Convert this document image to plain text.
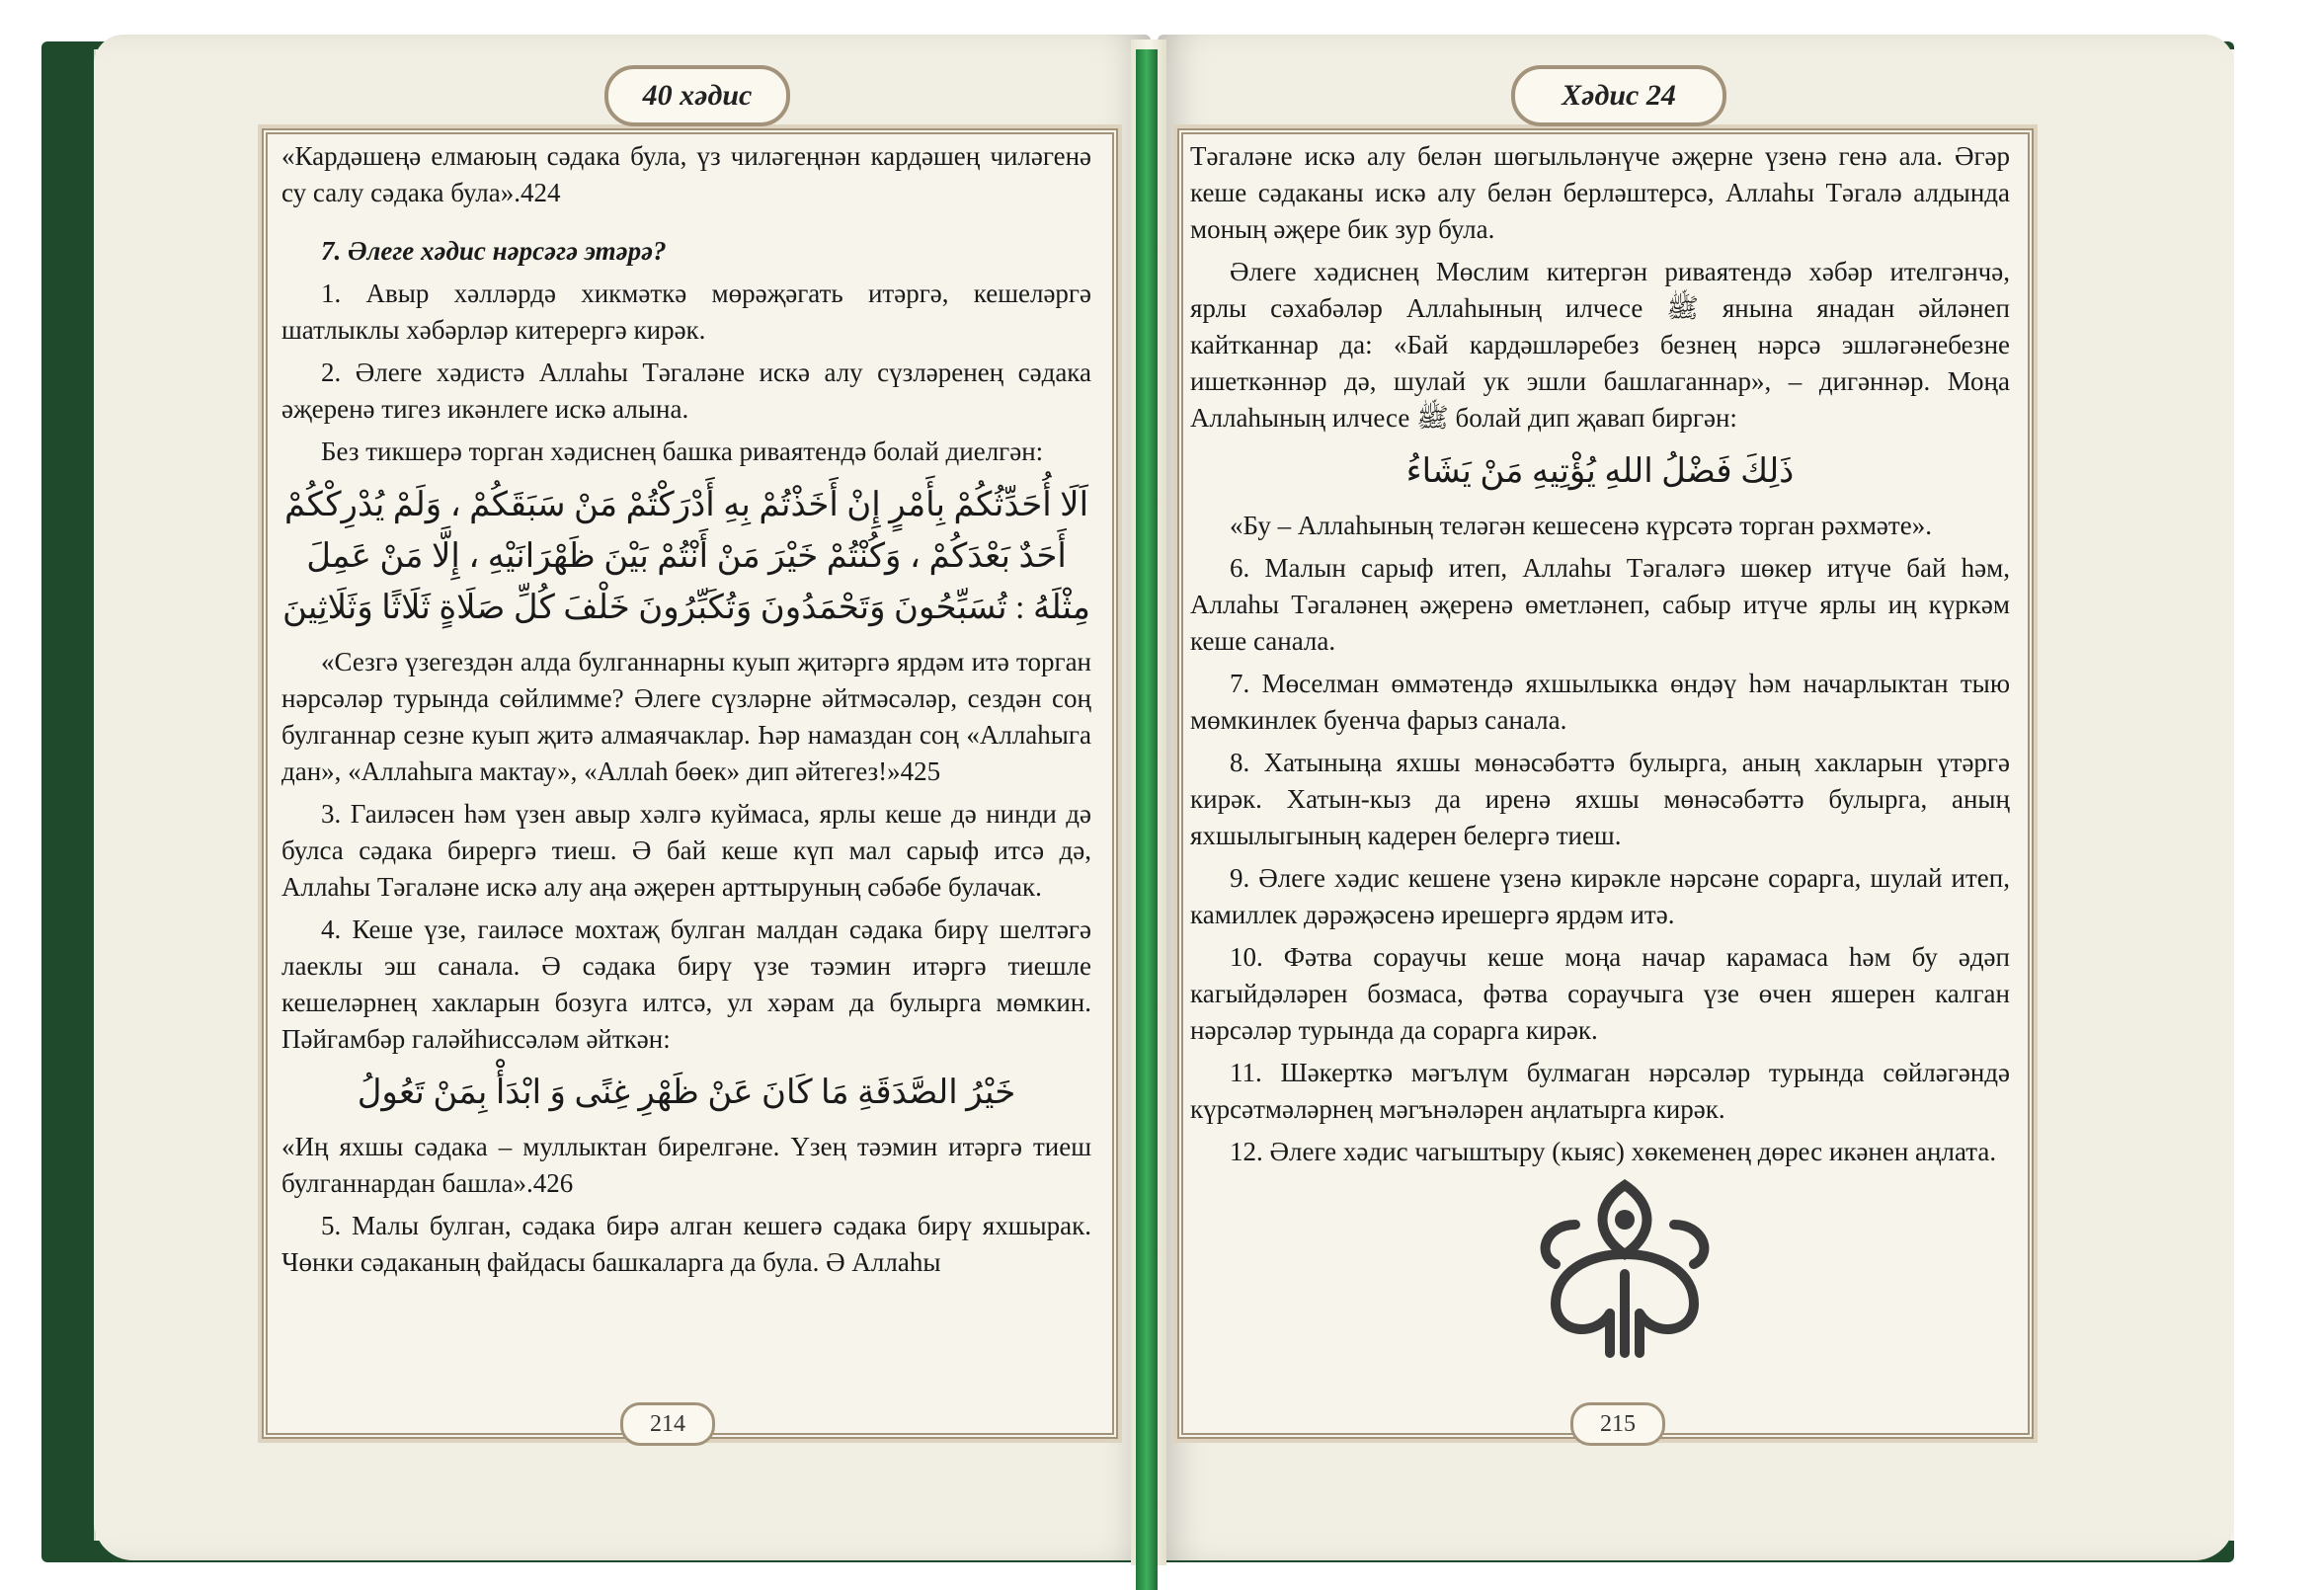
40 хәдис	Хәдис 24

«Кардәшеңә елмаюың сәдака була, үз чиләгеңнән кардәшең чиләгенә су салу сәдака була».424

7. Әлеге хәдис нәрсәгә этәрә?

1. Авыр хәлләрдә хикмәткә мөрәҗәгать итәргә, кешеләргә шатлыклы хәбәрләр китерергә кирәк.

2. Әлеге хәдистә Аллаһы Тәгаләне искә алу сүзләренең сәдака әҗеренә тигез икәнлеге искә алына.

Без тикшерә торган хәдиснең башка риваятендә болай диелгән:

اَلَا أُحَدِّثُكُمْ بِأَمْرٍ إِنْ أَخَذْتُمْ بِهِ أَدْرَكْتُمْ مَنْ سَبَقَكُمْ ، وَلَمْ يُدْرِكْكُمْ أَحَدٌ بَعْدَكُمْ ، وَكُنْتُمْ خَيْرَ مَنْ أَنْتُمْ بَيْنَ ظَهْرَانَيْهِ ، إِلَّا مَنْ عَمِلَ مِثْلَهُ : تُسَبِّحُونَ وَتَحْمَدُونَ وَتُكَبِّرُونَ خَلْفَ كُلِّ صَلَاةٍ ثَلَاثًا وَثَلَاثِينَ

«Сезгә үзегездән алда булганнарны куып җитәргә ярдәм итә торган нәрсәләр турында сөйлиммe? Әлеге сүзләрне әйтмәсәләр, сездән соң булганнар сезне куып җитә алмаячаклар. Һәр намаздан соң «Аллаһыга дан», «Аллаһыга мактау», «Аллаһ бөек» дип әйтегез!»425

3. Гаиләсен һәм үзен авыр хәлгә куймаса, ярлы кеше дә нинди дә булса сәдака бирергә тиеш. Ә бай кеше күп мал сарыф итсә дә, Аллаһы Тәгаләне искә алу аңа әҗерен арттыруның сәбәбе булачак.

4. Кеше үзе, гаиләсе мохтаҗ булган малдан сәдака бирү шелтәгә лаеклы эш санала. Ә сәдака бирү үзе тәэмин итәргә тиешле кешеләрнең хакларын бозуга илтсә, ул хәрам да булырга мөмкин. Пәйгамбәр галәйһиссәләм әйткән:

خَيْرُ الصَّدَقَةِ مَا كَانَ عَنْ ظَهْرِ غِنًى وَ ابْدَأْ بِمَنْ تَعُولُ

«Иң яхшы сәдака – муллыктан бирелгәне. Үзең тәэмин итәргә тиеш булганнардан башла».426

5. Малы булган, сәдака бирә алган кешегә сәдака бирү яхшырак. Чөнки сәдаканың файдасы башкаларга да була. Ә Аллаһы

Тәгаләне искә алу белән шөгыльләнүче әҗерне үзенә генә ала. Әгәр кеше сәдаканы искә алу белән берләштерсә, Аллаһы Тәгалә алдында моның әҗере бик зур була.

Әлеге хәдиснең Мөслим китергән риваятендә хәбәр ителгәнчә, ярлы сәхабәләр Аллаһының илчесе ﷺ янына янадан әйләнеп кайтканнар да: «Бай кардәшләребез безнең нәрсә эшләгәнебезне ишеткәннәр дә, шулай ук эшли башлаганнар», – дигәннәр. Моңа Аллаһының илчесе ﷺ болай дип җавап биргән:

ذَلِكَ فَضْلُ اللهِ يُؤْتِيهِ مَنْ يَشَاءُ

«Бу – Аллаһының теләгән кешесенә күрсәтә торган рәхмәте».

6. Малын сарыф итеп, Аллаһы Тәгаләгә шөкер итүче бай һәм, Аллаһы Тәгаләнең әҗеренә өметләнеп, сабыр итүче ярлы иң күркәм кеше санала.

7. Мөселман өммәтендә яхшылыкка өндәү һәм начарлыктан тыю мөмкинлек буенча фарыз санала.

8. Хатыныңа яхшы мөнәсәбәттә булырга, аның хакларын үтәргә кирәк. Хатын-кыз да иренә яхшы мөнәсәбәттә булырга, аның яхшылыгының кадерен белергә тиеш.

9. Әлеге хәдис кешене үзенә кирәкле нәрсәне сорарга, шулай итеп, камиллек дәрәҗәсенә ирешергә ярдәм итә.

10. Фәтва сораучы кеше моңа начар карамаса һәм бу әдәп кагыйдәләрен бозмаса, фәтва сораучыга үзе өчен яшерен калган нәрсәләр турында да сорарга кирәк.

11. Шәкерткә мәгълүм булмаган нәрсәләр турында сөйләгәндә күрсәтмәләрнең мәгънәләрен аңлатырга кирәк.

12. Әлеге хәдис чагыштыру (кыяс) хөкеменең дөрес икәнен аңлата.

214	215
